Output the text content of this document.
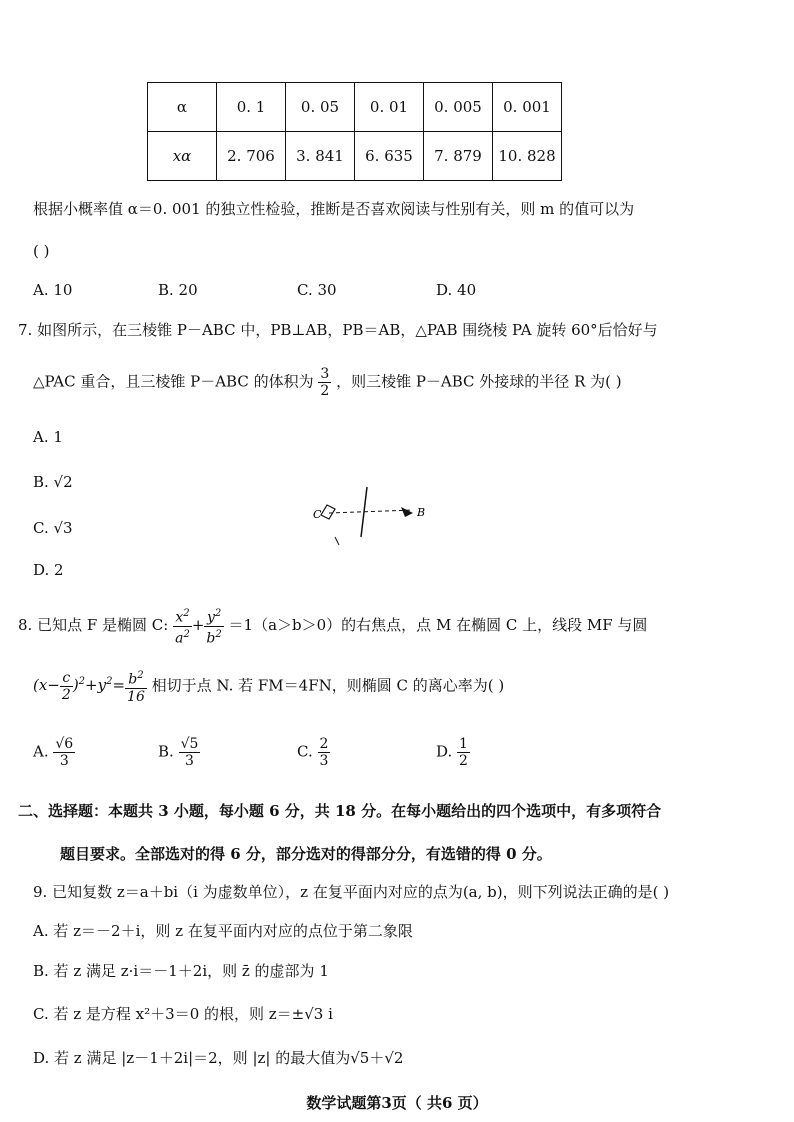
α	0. 1	0. 05	0. 01	0. 005	0. 001
xα	2. 706	3. 841	6. 635	7. 879	10. 828
根据小概率值 α＝0. 001 的独立性检验，推断是否喜欢阅读与性别有关，则 m 的值可以为
( )
A. 10	B. 20	C. 30	D. 40
7. 如图所示，在三棱锥 P－ABC 中，PB⊥AB，PB＝AB，△PAB 围绕棱 PA 旋转 60°后恰好与
△PAC 重合，且三棱锥 P－ABC 的体积为 $\frac{3}{2}$ ，则三棱锥 P－ABC 外接球的半径 R 为( )
A. 1
B. √2
C. √3
D. 2
C	B
8. 已知点 F 是椭圆 C: $\frac{x^2}{a^2} + \frac{y^2}{b^2} =1(a>b>0)$的右焦点，点 M 在椭圆 C 上，线段 MF 与圆
$(x- \frac{c}{2} )^2+y^2= \frac{b^2}{16}$ 相切于点 N. 若 FM＝4FN，则椭圆 C 的离心率为( )
A. $\frac{√6}{3}$	B. $\frac{√5}{3}$	C. $\frac{2}{3}$	D. $\frac{1}{2}$
二、选择题：本题共 3 小题，每小题 6 分，共 18 分。在每小题给出的四个选项中，有多项符合
题目要求。全部选对的得 6 分，部分选对的得部分分，有选错的得 0 分。
9. 已知复数 z＝a＋bi（i 为虚数单位），z 在复平面内对应的点为(a, b)，则下列说法正确的是( )
A. 若 z＝－2＋i，则 z 在复平面内对应的点位于第二象限
B. 若 z 满足 z·i＝－1＋2i，则 z̄ 的虚部为 1
C. 若 z 是方程 x²＋3＝0 的根，则 z＝±√3 i
D. 若 z 满足 |z－1＋2i|＝2，则 |z| 的最大值为√5＋√2
数学试题第3页（ 共6 页）
